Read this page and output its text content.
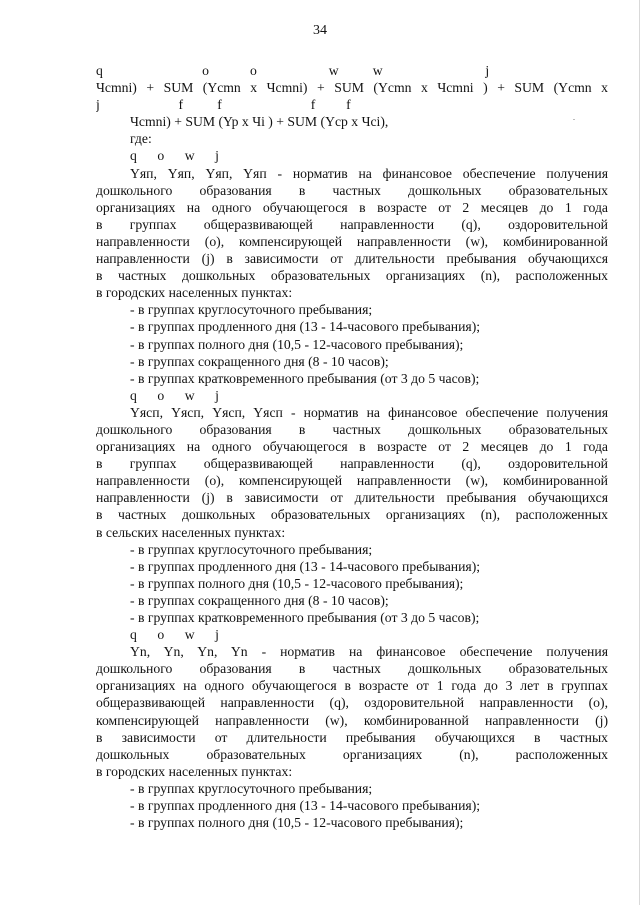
34
q                             o            o                     w          w                              j
Чcmni) + SUM (Ycmn x Чcmni) + SUM (Ycmn x Чcmni ) + SUM (Ycmn x
j                       f          f                          f         f
Чcmni) + SUM (Yp x Чi ) + SUM (Ycp x Чci),
где:
q      o      w      j
Yяп, Yяп, Yяп, Yяп - норматив на финансовое обеспечение получения
дошкольного образования в частных дошкольных образовательных
организациях на одного обучающегося в возрасте от 2 месяцев до 1 года
в группах общеразвивающей направленности (q), оздоровительной
направленности (o), компенсирующей направленности (w), комбинированной
направленности (j) в зависимости от длительности пребывания обучающихся
в частных дошкольных образовательных организациях (n), расположенных
в городских населенных пунктах:
- в группах круглосуточного пребывания;
- в группах продленного дня (13 - 14-часового пребывания);
- в группах полного дня (10,5 - 12-часового пребывания);
- в группах сокращенного дня (8 - 10 часов);
- в группах кратковременного пребывания (от 3 до 5 часов);
q      o      w      j
Yясп, Yясп, Yясп, Yясп - норматив на финансовое обеспечение получения
дошкольного образования в частных дошкольных образовательных
организациях на одного обучающегося в возрасте от 2 месяцев до 1 года
в группах общеразвивающей направленности (q), оздоровительной
направленности (o), компенсирующей направленности (w), комбинированной
направленности (j) в зависимости от длительности пребывания обучающихся
в частных дошкольных образовательных организациях (n), расположенных
в сельских населенных пунктах:
- в группах круглосуточного пребывания;
- в группах продленного дня (13 - 14-часового пребывания);
- в группах полного дня (10,5 - 12-часового пребывания);
- в группах сокращенного дня (8 - 10 часов);
- в группах кратковременного пребывания (от 3 до 5 часов);
q      o      w      j
Yn, Yn, Yn, Yn - норматив на финансовое обеспечение получения
дошкольного образования в частных дошкольных образовательных
организациях на одного обучающегося в возрасте от 1 года до 3 лет в группах
общеразвивающей направленности (q), оздоровительной направленности (o),
компенсирующей направленности (w), комбинированной направленности (j)
в зависимости от длительности пребывания обучающихся в частных
дошкольных образовательных организациях (n), расположенных
в городских населенных пунктах:
- в группах круглосуточного пребывания;
- в группах продленного дня (13 - 14-часового пребывания);
- в группах полного дня (10,5 - 12-часового пребывания);
